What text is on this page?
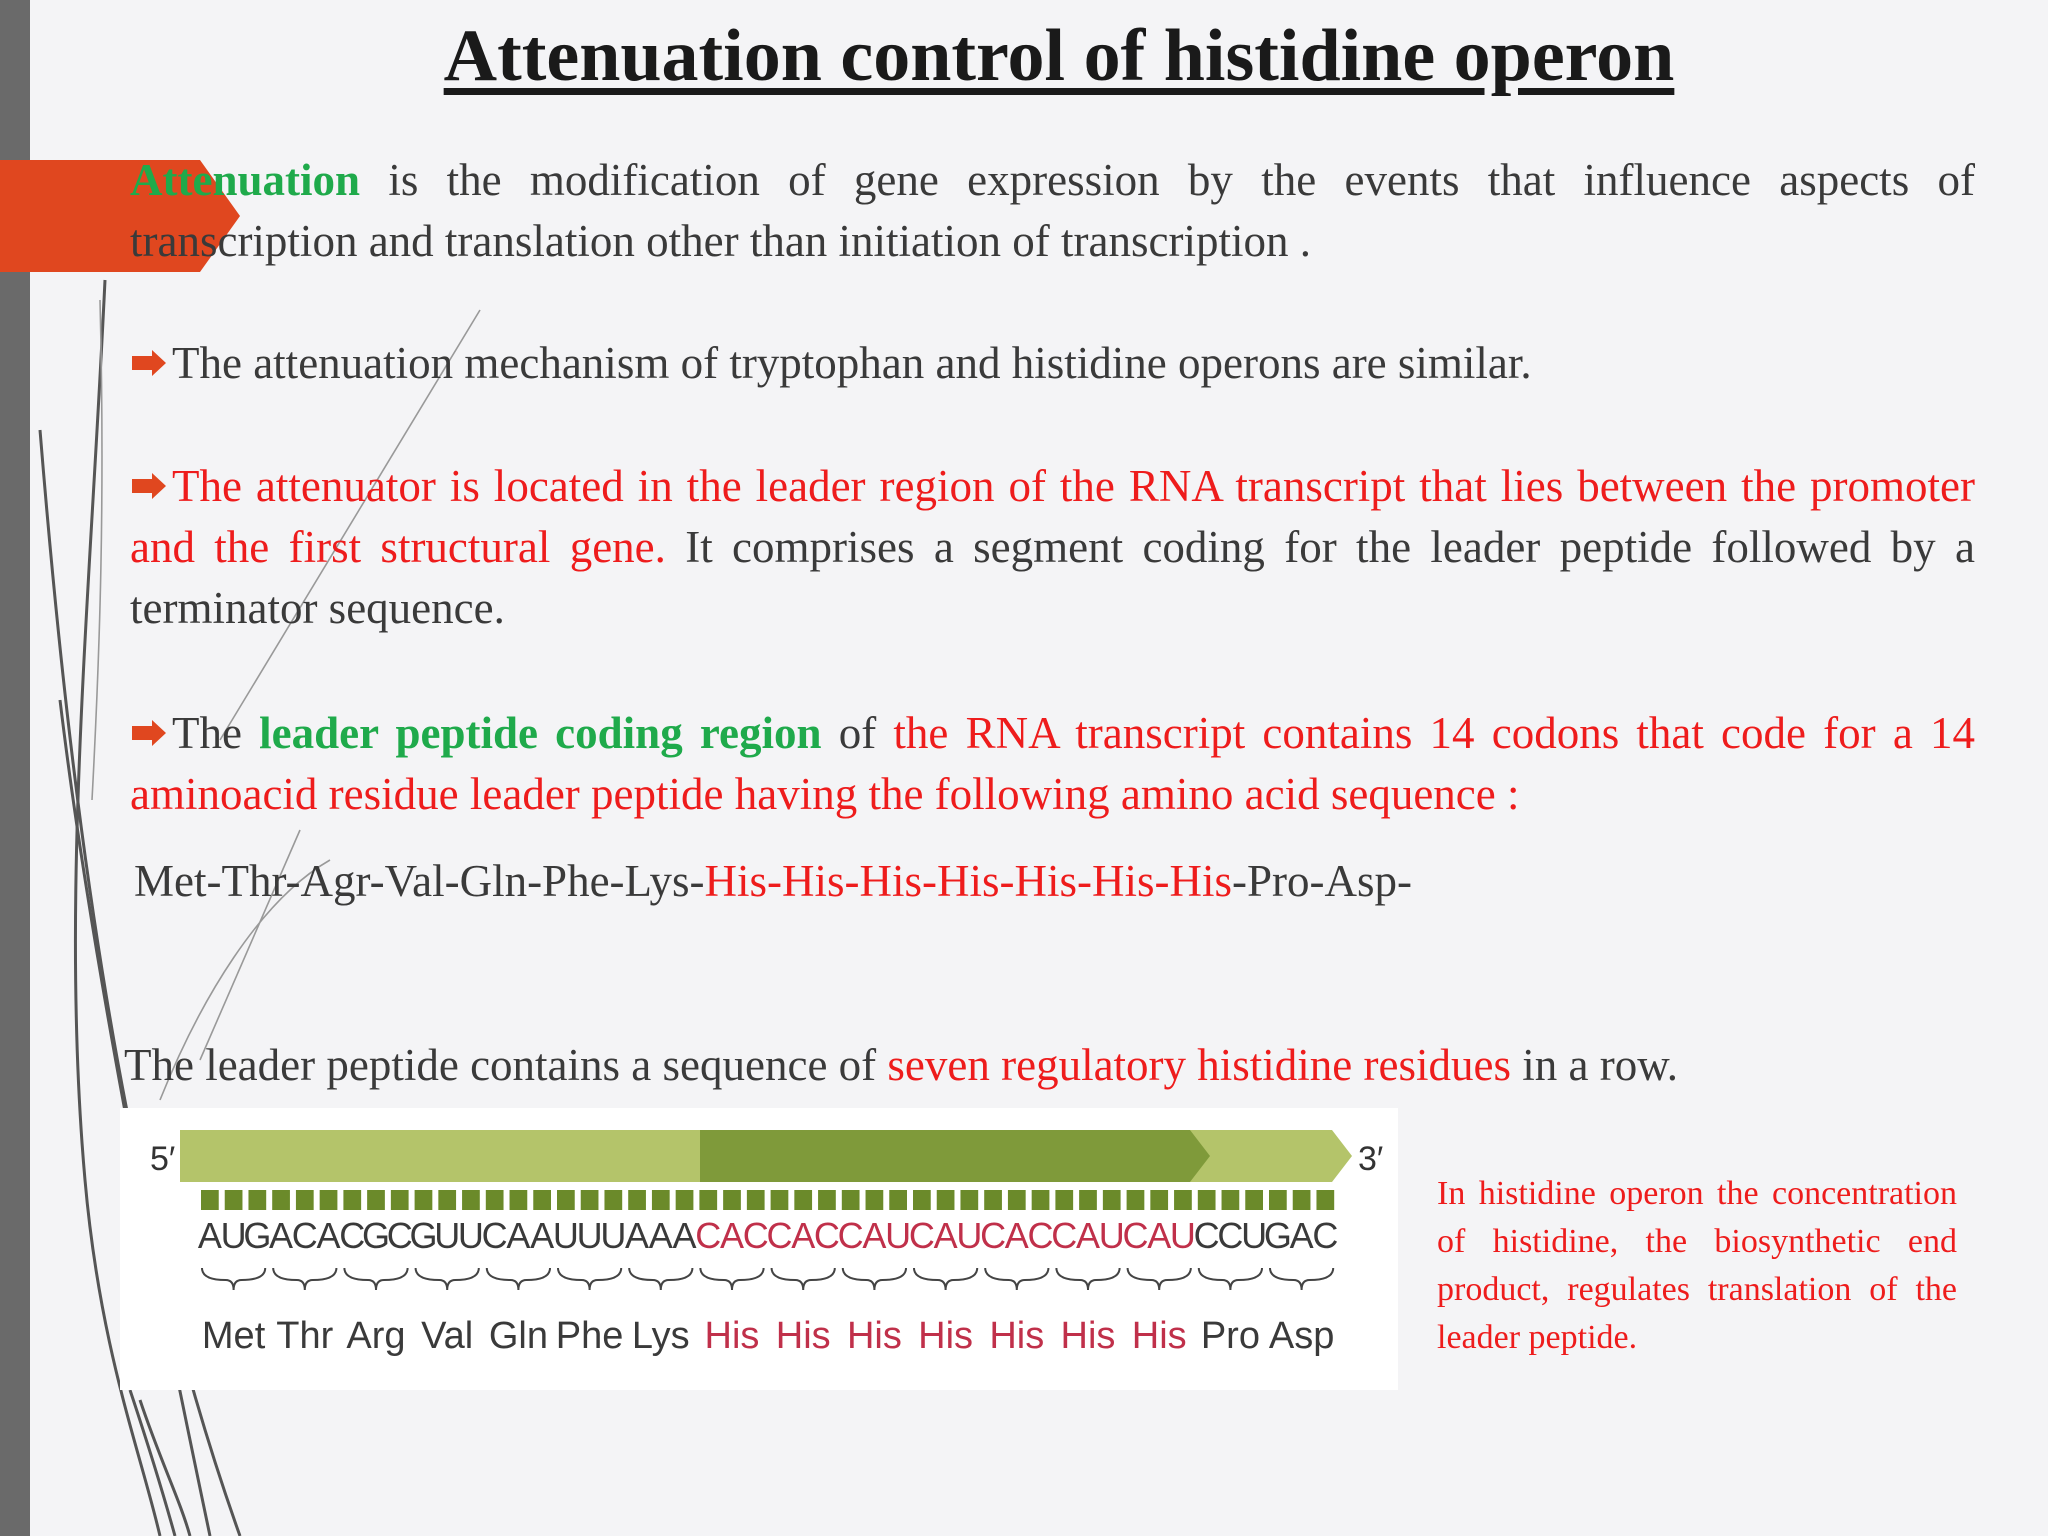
Attenuation control of histidine operon
Attenuation is the modification of gene expression by the events that influence aspects of transcription and translation other than initiation of transcription .
The attenuation mechanism of tryptophan and histidine operons are similar.
The attenuator is located in the leader region of the RNA transcript that lies between the promoter and the first structural gene. It comprises a segment coding for the leader peptide followed by a terminator sequence.
The leader peptide coding region of the RNA transcript contains 14 codons that code for a 14 aminoacid residue leader peptide having the following amino acid sequence :
Met-Thr-Agr-Val-Gln-Phe-Lys-His-His-His-His-His-His-His-Pro-Asp-
The leader peptide contains a sequence of seven regulatory histidine residues in a row.
5′	3′
A
U
G
A
C
A
C
G
C
G
U
U
C
A A
U
U
U
A A A
C
A
C
C
A
C
C
A
U
C
A
U
C
A
C
C
A
U
C
A
U
C
C
U
G
A
C
Met Thr Arg Val Gln Phe Lys His His His His His His His Pro Asp
In histidine operon the concentration of histidine, the biosynthetic end product, regulates translation of the leader peptide.
